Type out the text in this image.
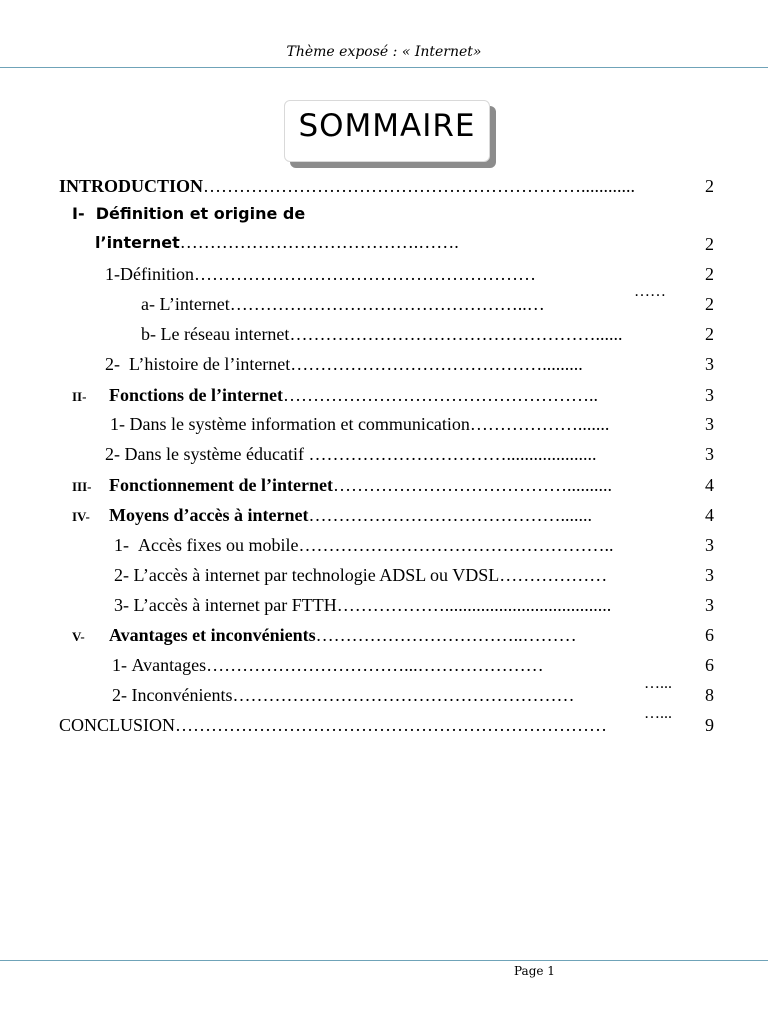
Thème exposé : « Internet»
SOMMAIRE
INTRODUCTION………………………………………………………............	2
I- Définition et origine de
l’internet………………………………….…….	2
1-Définition…………………………………………………	2
a- L’internet…………………………………………..…	2
……
b- Le réseau internet……………………………………………......	2
2- L’histoire de l’internet…………………………………….........	3
II- Fonctions de l’internet……………………………………………..	3
1- Dans le système information et communication……………….......	3
2- Dans le système éducatif ……………………………....................	3
III- Fonctionnement de l’internet…………………………………..........	4
IV- Moyens d’accès à internet…………………………………….......	4
1- Accès fixes ou mobile……………………………………………..	3
2- L’accès à internet par technologie ADSL ou VDSL………………	3
3- L’accès à internet par FTTH……………….....................................	3
V- Avantages et inconvénients……………………………..………	6
1- Avantages……………………………...…………………	6
…...
2- Inconvénients…………………………………………………	8
…...
CONCLUSION………………………………………………………………	9
Page 1
